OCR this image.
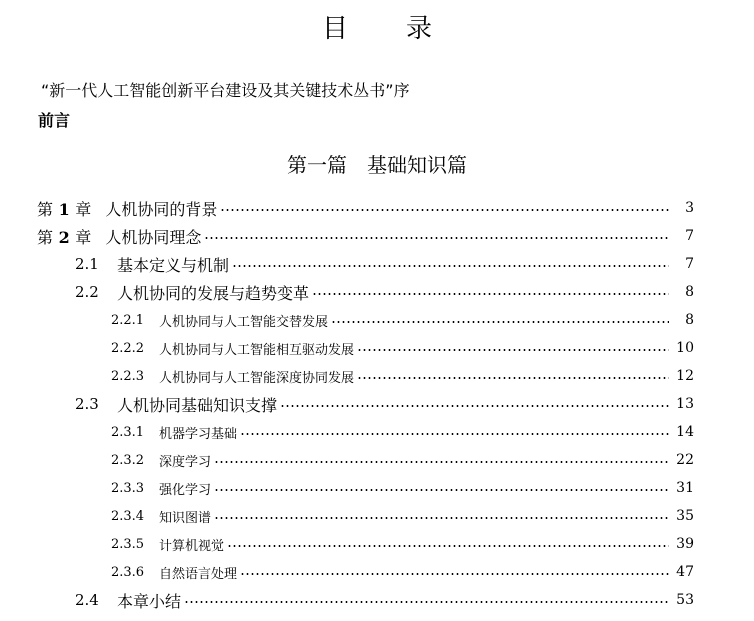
目录
“新一代人工智能创新平台建设及其关键技术丛书”序
前言
第一篇　基础知识篇
第 1 章 人机协同的背景	3
第 2 章 人机协同理念	7
2.1	基本定义与机制	7
2.2	人机协同的发展与趋势变革	8
2.2.1	人机协同与人工智能交替发展	8
2.2.2	人机协同与人工智能相互驱动发展	10
2.2.3	人机协同与人工智能深度协同发展	12
2.3	人机协同基础知识支撑	13
2.3.1	机器学习基础	14
2.3.2	深度学习	22
2.3.3	强化学习	31
2.3.4	知识图谱	35
2.3.5	计算机视觉	39
2.3.6	自然语言处理	47
2.4	本章小结	53
